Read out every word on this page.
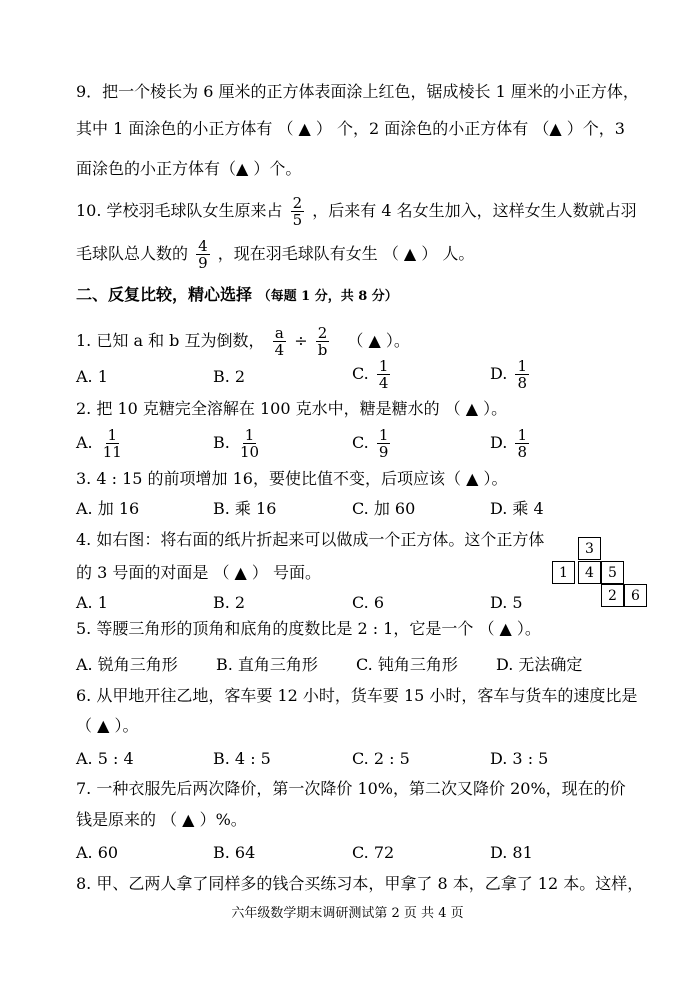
9．把一个棱长为 6 厘米的正方体表面涂上红色，锯成棱长 1 厘米的小正方体，
其中 1 面涂色的小正方体有 （ ▲ ） 个，2 面涂色的小正方体有 （▲ ）个，3
面涂色的小正方体有（▲ ）个。
10. 学校羽毛球队女生原来占 $\frac{2}{5}$ ，后来有 4 名女生加入，这样女生人数就占羽
毛球队总人数的 $\frac{4}{9}$ ，现在羽毛球队有女生 （ ▲ ） 人。
二、反复比较，精心选择 （每题 1 分，共 8 分）
1. 已知 a 和 b 互为倒数， $\frac{a}{4} \div \frac{2}{b}$ （ ▲ ）。
A. 1	B. 2	C. $\frac{1}{4}$	D. $\frac{1}{8}$
2. 把 10 克糖完全溶解在 100 克水中，糖是糖水的 （ ▲ ）。
A. $\frac{1}{11}$	B. $\frac{1}{10}$	C. $\frac{1}{9}$	D. $\frac{1}{8}$
3. 4 : 15 的前项增加 16，要使比值不变，后项应该（ ▲ ）。
A. 加 16	B. 乘 16	C. 加 60	D. 乘 4
4. 如右图：将右面的纸片折起来可以做成一个正方体。这个正方体
的 3 号面的对面是 （ ▲ ） 号面。
A. 1	B. 2	C. 6	D. 5
3
1	4	5
2	6
5. 等腰三角形的顶角和底角的度数比是 2 : 1，它是一个 （ ▲ ）。
A. 锐角三角形 B. 直角三角形 C. 钝角三角形 D. 无法确定
6. 从甲地开往乙地，客车要 12 小时，货车要 15 小时，客车与货车的速度比是
（ ▲ ）。
A. 5 : 4	B. 4 : 5	C. 2 : 5	D. 3 : 5
7. 一种衣服先后两次降价，第一次降价 10%，第二次又降价 20%，现在的价
钱是原来的 （ ▲ ）%。
A. 60	B. 64	C. 72	D. 81
8. 甲、乙两人拿了同样多的钱合买练习本，甲拿了 8 本，乙拿了 12 本。这样，
六年级数学期末调研测试第 2 页 共 4 页
